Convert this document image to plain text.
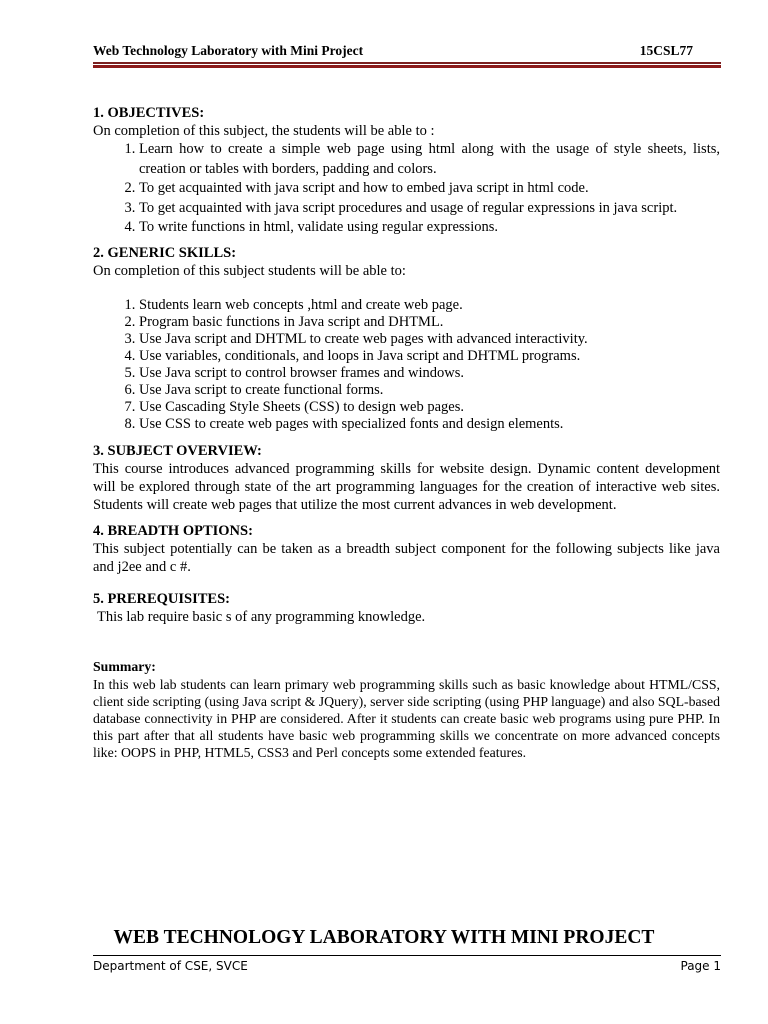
Web Technology Laboratory with Mini Project	15CSL77
1. OBJECTIVES:
On completion of this subject, the students will be able to :
1. Learn how to create a simple web page using html along with the usage of style sheets, lists, creation or tables with borders, padding and colors.
2. To get acquainted with java script and how to embed java script in html code.
3. To get acquainted with java script procedures and usage of regular expressions in java script.
4. To write functions in html, validate using regular expressions.
2. GENERIC SKILLS:
On completion of this subject students will be able to:
1. Students learn web concepts ,html and create web page.
2. Program basic functions in Java script and DHTML.
3. Use Java script and DHTML to create web pages with advanced interactivity.
4. Use variables, conditionals, and loops in Java script and DHTML programs.
5. Use Java script to control browser frames and windows.
6. Use Java script to create functional forms.
7. Use Cascading Style Sheets (CSS) to design web pages.
8. Use CSS to create web pages with specialized fonts and design elements.
3. SUBJECT OVERVIEW:
This course introduces advanced programming skills for website design. Dynamic content development will be explored through state of the art programming languages for the creation of interactive web sites. Students will create web pages that utilize the most current advances in web development.
4. BREADTH OPTIONS:
This subject potentially can be taken as a breadth subject component for the following subjects like java and j2ee and c #.
5. PREREQUISITES:
This lab require basic s of any programming knowledge.
Summary:
In this web lab students can learn primary web programming skills such as basic knowledge about HTML/CSS, client side scripting (using Java script & JQuery), server side scripting (using PHP language) and also SQL-based database connectivity in PHP are considered. After it students can create basic web programs using pure PHP. In this part after that all students have basic web programming skills we concentrate on more advanced concepts like: OOPS in PHP, HTML5, CSS3 and Perl concepts some extended features.
WEB TECHNOLOGY LABORATORY WITH MINI PROJECT
Department of CSE, SVCE	Page 1
